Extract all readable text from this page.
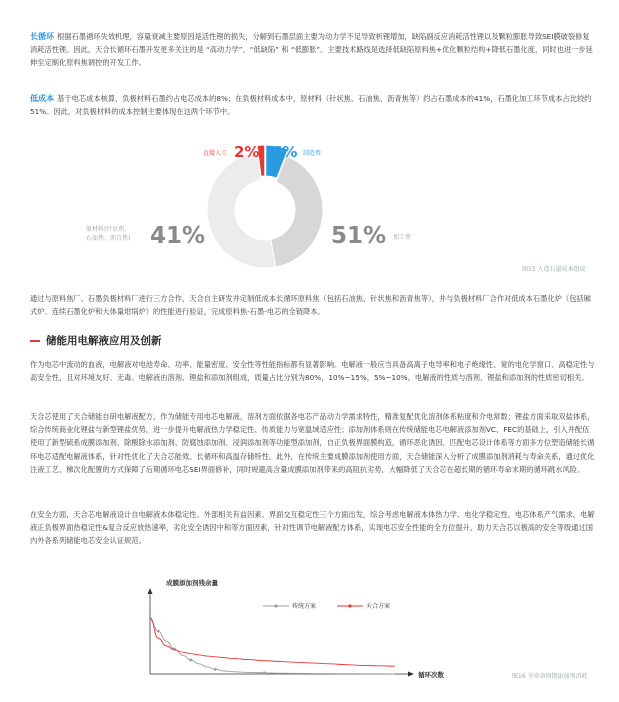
长循环 根据石墨循环失效机理，容量衰减主要原因是活性锂的损失，分解到石墨层面主要为动力学不足导致析锂增加，缺陷副反应消耗活性锂以及颗粒膨胀导致SEI膜破裂修复消耗活性锂。因此，天合长循环石墨开发更多关注的是 “高动力学”、“低缺陷” 和 “低膨胀”。主要技术路线是选择低缺陷原料焦+优化颗粒结构+降低石墨化度，同时也进一步延伸至定制化原料焦调控的开发工作。
低成本 基于电芯成本核算，负极材料石墨约占电芯成本的8%；在负极材料成本中，原材料（针状焦、石油焦、沥青焦等）约占石墨成本的41%，石墨化加工环节成本占比较约51%。因此，对负极材料的成本控制主要体现在这两个环节中。
直接人工 2% 6% 制造费
原材料(针状焦、
石油焦、沥青焦) 41%	51% 加工费
图15 人造石墨成本组成
通过与原料焦厂、石墨负极材料厂进行三方合作，天合自主研发并定制低成本长循环原料焦（包括石油焦、针状焦和沥青焦等），并与负极材料厂合作对低成本石墨化炉（包括厢式炉、连续石墨化炉和大体量坩埚炉）的性能进行验证，完成原料焦-石墨-电芯的全链降本。
储能用电解液应用及创新
作为电芯中流动的血液，电解液对电池寿命、功率、能量密度、安全性等性能指标都有显著影响。电解液一般应当具备高离子电导率和电子绝缘性、宽的电化学窗口、高稳定性与高安全性，且对环境友好、无毒。电解液由溶剂、锂盐和添加剂组成，质量占比分别为80%，10%~15%，5%~10%。电解液的性质与溶剂、锂盐和添加剂的性质密切相关。
天合芯使用了天合储能自研电解液配方，作为储能专用电芯电解液，溶剂方面依据各电芯产品动力学需求特性，精准复配优化溶剂体系粘度和介电常数；锂盐方面采取双盐体系，综合传统商业化锂盐与新型锂盐优势，进一步提升电解液热力学稳定性、传质能力与宽温域适应性；添加剂体系则在传统储能电芯电解液添加剂VC、FEC的基础上，引入并配伍使用了新型硫系成膜添加剂、除酸除水添加剂、防腐蚀添加剂、浸润添加剂等功能型添加剂，自正负极界面膜构造，循环恶化诱因、匹配电芯设计体系等方面多方位塑造储能长循环电芯适配电解液体系，针对性优化了天合芯能效、长循环和高温存储特性。此外，在传统主要成膜添加剂使用方面，天合储能深入分析了成膜添加剂消耗与寿命关系，通过优化注液工艺、梯次化配置的方式保障了后期循环电芯SEI界面修补，同时规避高含量成膜添加剂带来的高阻抗劣势，大幅降低了天合芯在超长期的循环寿命末期的循环跳水风险。
在安全方面，天合芯电解液设计自电解液本体稳定性、外部相关有益因素、界面交互稳定性三个方面出发，综合考虑电解液本体热力学、电化学稳定性、电芯体系产气需求，电解液正负极界面热稳定性&复合反应放热速率，劣化安全诱因中和等方面因素，针对性调节电解液配方体系，实现电芯安全性能的全方位提升，助力天合芯以极高的安全等级通过国内外各系列储能电芯安全认证规范。
成膜添加剂残余量
循环次数
传统方案	天合方案
图16 全寿命周期添加剂消耗
